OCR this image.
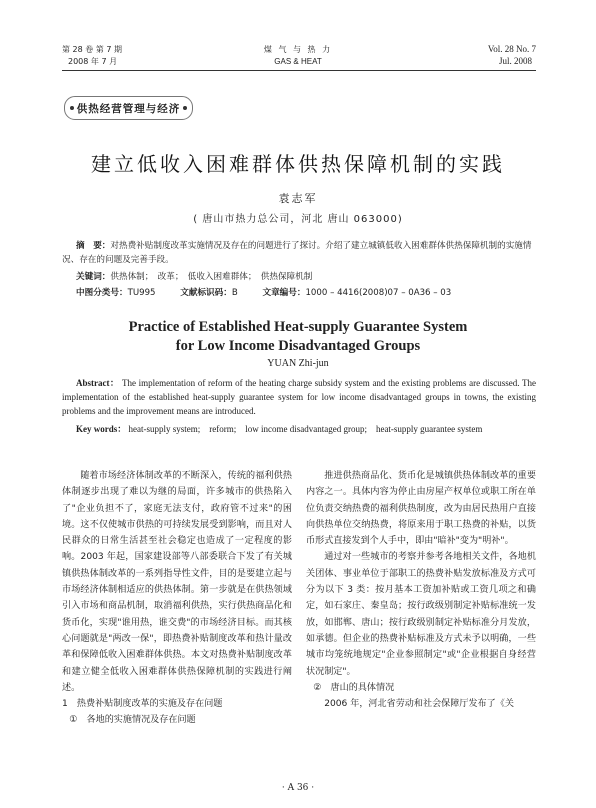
第 28 卷 第 7 期
2008 年 7 月
煤 气 与 热 力
GAS & HEAT
Vol. 28 No. 7
Jul. 2008
供热经营管理与经济
建立低收入困难群体供热保障机制的实践
袁志军
( 唐山市热力总公司，河北 唐山 063000)
摘　要：对热费补贴制度改革实施情况及存在的问题进行了探讨。介绍了建立城镇低收入困难群体供热保障机制的实施情况、存在的问题及完善手段。
关键词：供热体制；　改革；　低收入困难群体；　供热保障机制
中图分类号：TU995	文献标识码：B	文章编号：1000 – 4416(2008)07 – 0A36 – 03
Practice of Established Heat-supply Guarantee System
for Low Income Disadvantaged Groups
YUAN Zhi-jun
Abstract： The implementation of reform of the heating charge subsidy system and the existing problems are discussed. The implementation of the established heat-supply guarantee system for low income disadvantaged groups in towns, the existing problems and the improvement means are introduced.
Key words： heat-supply system;　reform;　low income disadvantaged group;　heat-supply guarantee system

随着市场经济体制改革的不断深入，传统的福利供热体制逐步出现了难以为继的局面，许多城市的供热陷入了"企业负担不了，家庭无法支付，政府管不过来"的困境。这不仅使城市供热的可持续发展受到影响，而且对人民群众的日常生活甚至社会稳定也造成了一定程度的影响。2003 年起，国家建设部等八部委联合下发了有关城镇供热体制改革的一系列指导性文件，目的是要建立起与市场经济体制相适应的供热体制。第一步就是在供热领域引入市场和商品机制，取消福利供热，实行供热商品化和货币化，实现"谁用热，谁交费"的市场经济目标。而其核心问题就是"两改一保"，即热费补贴制度改革和热计量改革和保障低收入困难群体供热。本文对热费补贴制度改革和建立健全低收入困难群体供热保障机制的实践进行阐述。

1　热费补贴制度改革的实施及存在问题

①　各地的实施情况及存在问题

推进供热商品化、货币化是城镇供热体制改革的重要内容之一。具体内容为停止由房屋产权单位或职工所在单位负责交纳热费的福利供热制度，改为由居民热用户直接向供热单位交纳热费，将原来用于职工热费的补贴，以货币形式直接发到个人手中，即由"暗补"变为"明补"。

通过对一些城市的考察并参考各地相关文件，各地机关团体、事业单位于部职工的热费补贴发放标准及方式可分为以下 3 类：按月基本工资加补贴或工资几项之和确定，如石家庄、秦皇岛；按行政级别制定补贴标准统一发放，如邯郸、唐山；按行政级别制定补贴标准分月发放，如承德。但企业的热费补贴标准及方式未予以明确，一些城市均笼统地规定"企业参照制定"或"企业根据自身经营状况制定"。

②　唐山的具体情况

2006 年，河北省劳动和社会保障厅发布了《关

· A 36 ·
